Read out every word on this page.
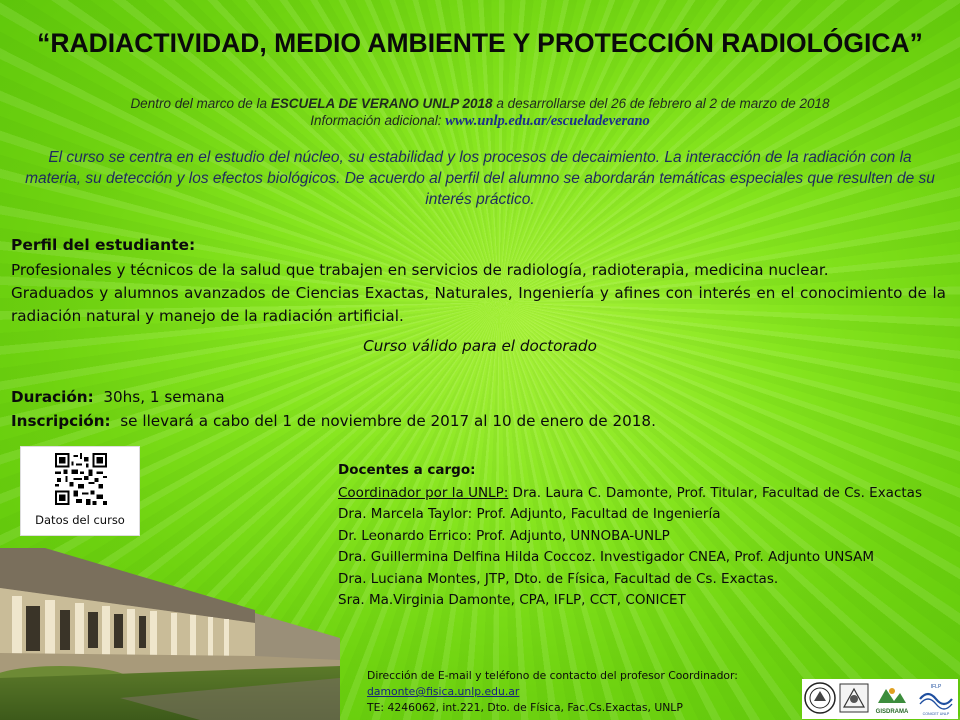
“RADIACTIVIDAD, MEDIO AMBIENTE Y PROTECCIÓN RADIOLÓGICA”
Dentro del marco de la ESCUELA DE VERANO UNLP 2018 a desarrollarse del 26 de febrero al 2 de marzo de 2018
Información adicional: www.unlp.edu.ar/escueladeverano
El curso se centra en el estudio del núcleo, su estabilidad y los procesos de decaimiento. La interacción de la radiación con la materia, su detección y los efectos biológicos. De acuerdo al perfil del alumno se abordarán temáticas especiales que resulten de su interés práctico.
Perfil del estudiante:

Profesionales y técnicos de la salud que trabajen en servicios de radiología, radioterapia, medicina nuclear.

Graduados y alumnos avanzados de Ciencias Exactas, Naturales, Ingeniería y afines con interés en el conocimiento de la radiación natural y manejo de la radiación artificial.

Curso válido para el doctorado
Duración: 30hs, 1 semana
Inscripción: se llevará a cabo del 1 de noviembre de 2017 al 10 de enero de 2018.
Datos del curso
Docentes a cargo:
Coordinador por la UNLP: Dra. Laura C. Damonte, Prof. Titular, Facultad de Cs. Exactas
Dra. Marcela Taylor: Prof. Adjunto, Facultad de Ingeniería
Dr. Leonardo Errico: Prof. Adjunto, UNNOBA-UNLP
Dra. Guillermina Delfina Hilda Coccoz. Investigador CNEA, Prof. Adjunto UNSAM
Dra. Luciana Montes, JTP, Dto. de Física, Facultad de Cs. Exactas.
Sra. Ma.Virginia Damonte, CPA, IFLP, CCT, CONICET
Dirección de E-mail y teléfono de contacto del profesor Coordinador:
damonte@fisica.unlp.edu.ar
TE: 4246062, int.221, Dto. de Física, Fac.Cs.Exactas, UNLP	GISDRAMA
IFLP
CONICET UNLP
